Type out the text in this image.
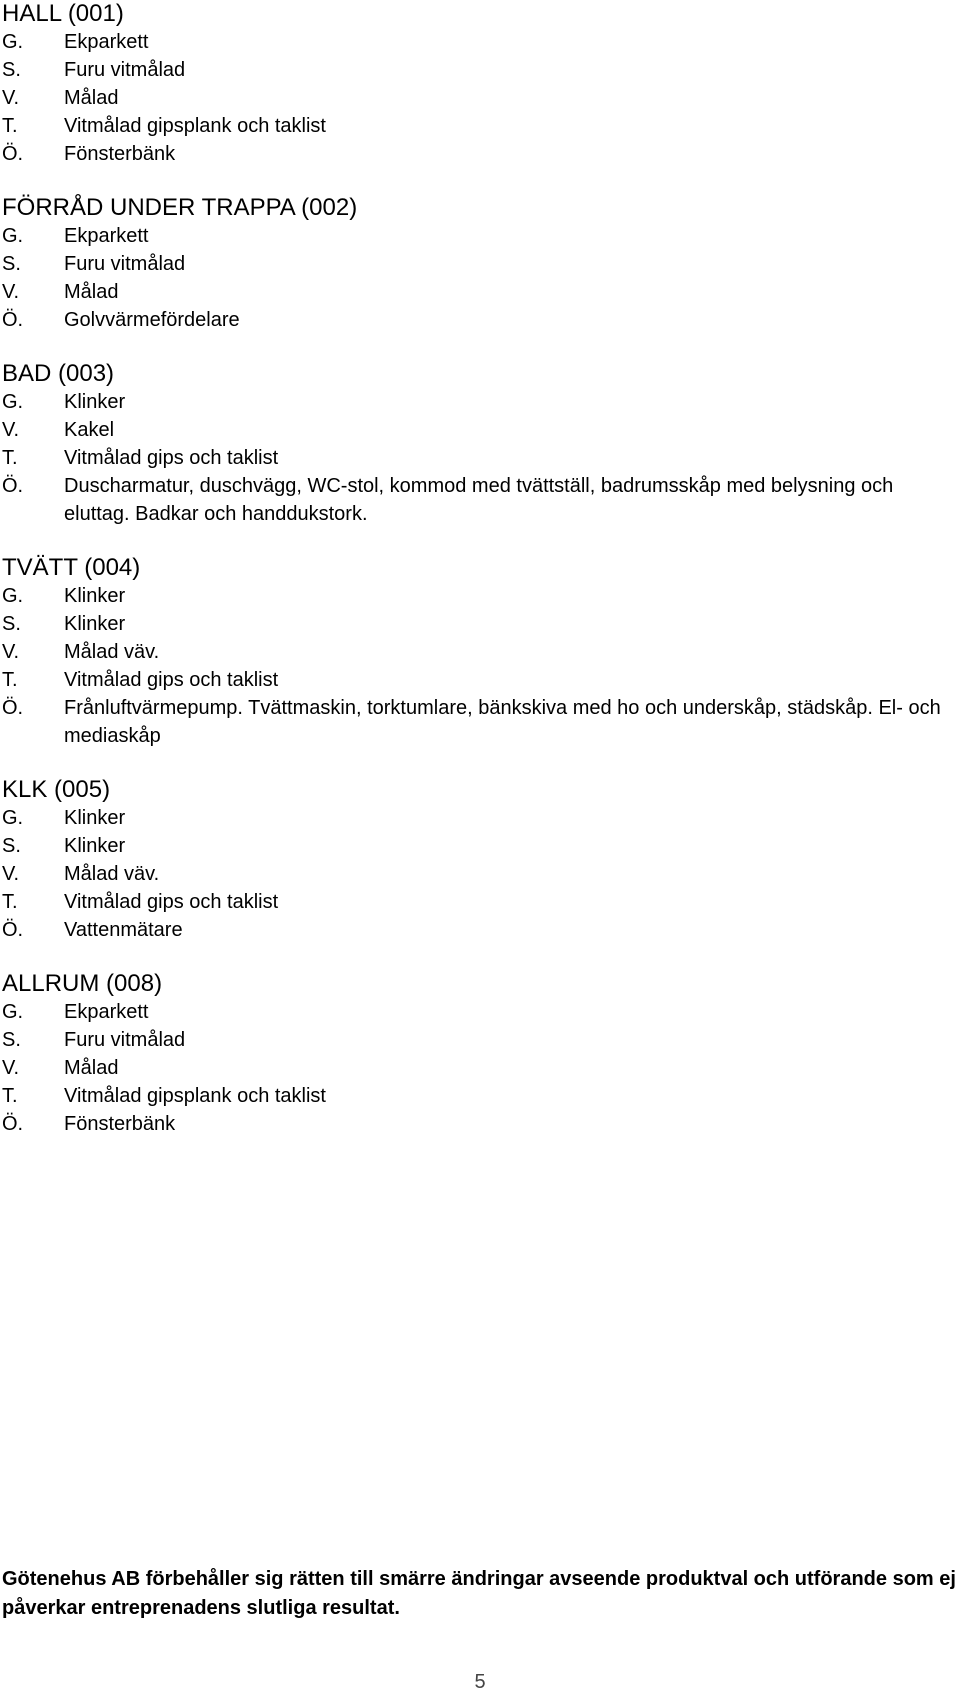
HALL (001)
G.	Ekparkett
S.	Furu vitmålad
V.	Målad
T.	Vitmålad gipsplank och taklist
Ö.	Fönsterbänk
FÖRRÅD UNDER TRAPPA (002)
G.	Ekparkett
S.	Furu vitmålad
V.	Målad
Ö.	Golvvärmefördelare
BAD (003)
G.	Klinker
V.	Kakel
T.	Vitmålad gips och taklist
Ö.	Duscharmatur, duschvägg, WC-stol, kommod med tvättställ, badrumsskåp med belysning och eluttag. Badkar och handdukstork.
TVÄTT (004)
G.	Klinker
S.	Klinker
V.	Målad väv.
T.	Vitmålad gips och taklist
Ö.	Frånluftvärmepump. Tvättmaskin, torktumlare, bänkskiva med ho och underskåp, städskåp. El- och mediaskåp
KLK (005)
G.	Klinker
S.	Klinker
V.	Målad väv.
T.	Vitmålad gips och taklist
Ö.	Vattenmätare
ALLRUM (008)
G.	Ekparkett
S.	Furu vitmålad
V.	Målad
T.	Vitmålad gipsplank och taklist
Ö.	Fönsterbänk

Götenehus AB förbehåller sig rätten till smärre ändringar avseende produktval och utförande som ej påverkar entreprenadens slutliga resultat.

5
